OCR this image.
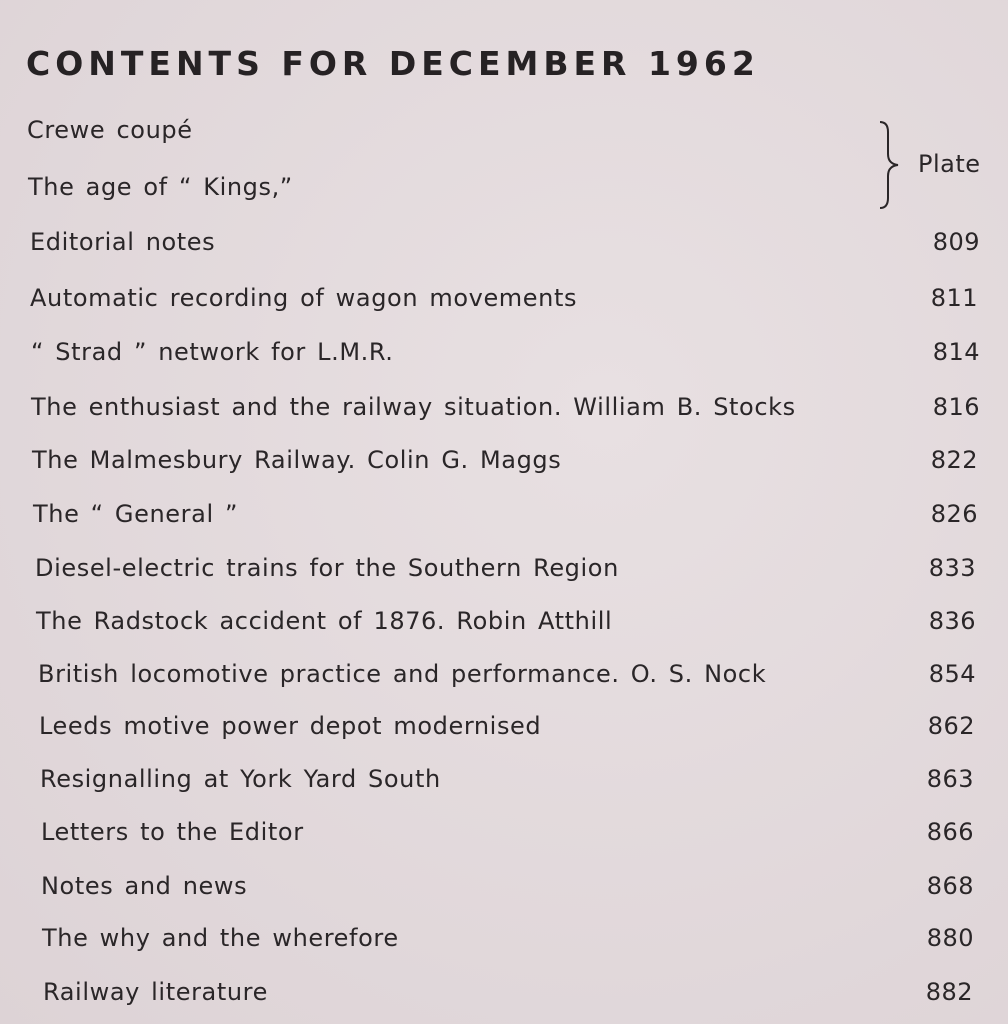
CONTENTS FOR DECEMBER 1962
Crewe coupé
The age of “ Kings,”
Plate
Editorial notes	809
Automatic recording of wagon movements	811
“ Strad ” network for L.M.R.	814
The enthusiast and the railway situation. William B. Stocks	816
The Malmesbury Railway. Colin G. Maggs	822
The “ General ”	826
Diesel-electric trains for the Southern Region	833
The Radstock accident of 1876. Robin Atthill	836
British locomotive practice and performance. O. S. Nock	854
Leeds motive power depot modernised	862
Resignalling at York Yard South	863
Letters to the Editor	866
Notes and news	868
The why and the wherefore	880
Railway literature	882
